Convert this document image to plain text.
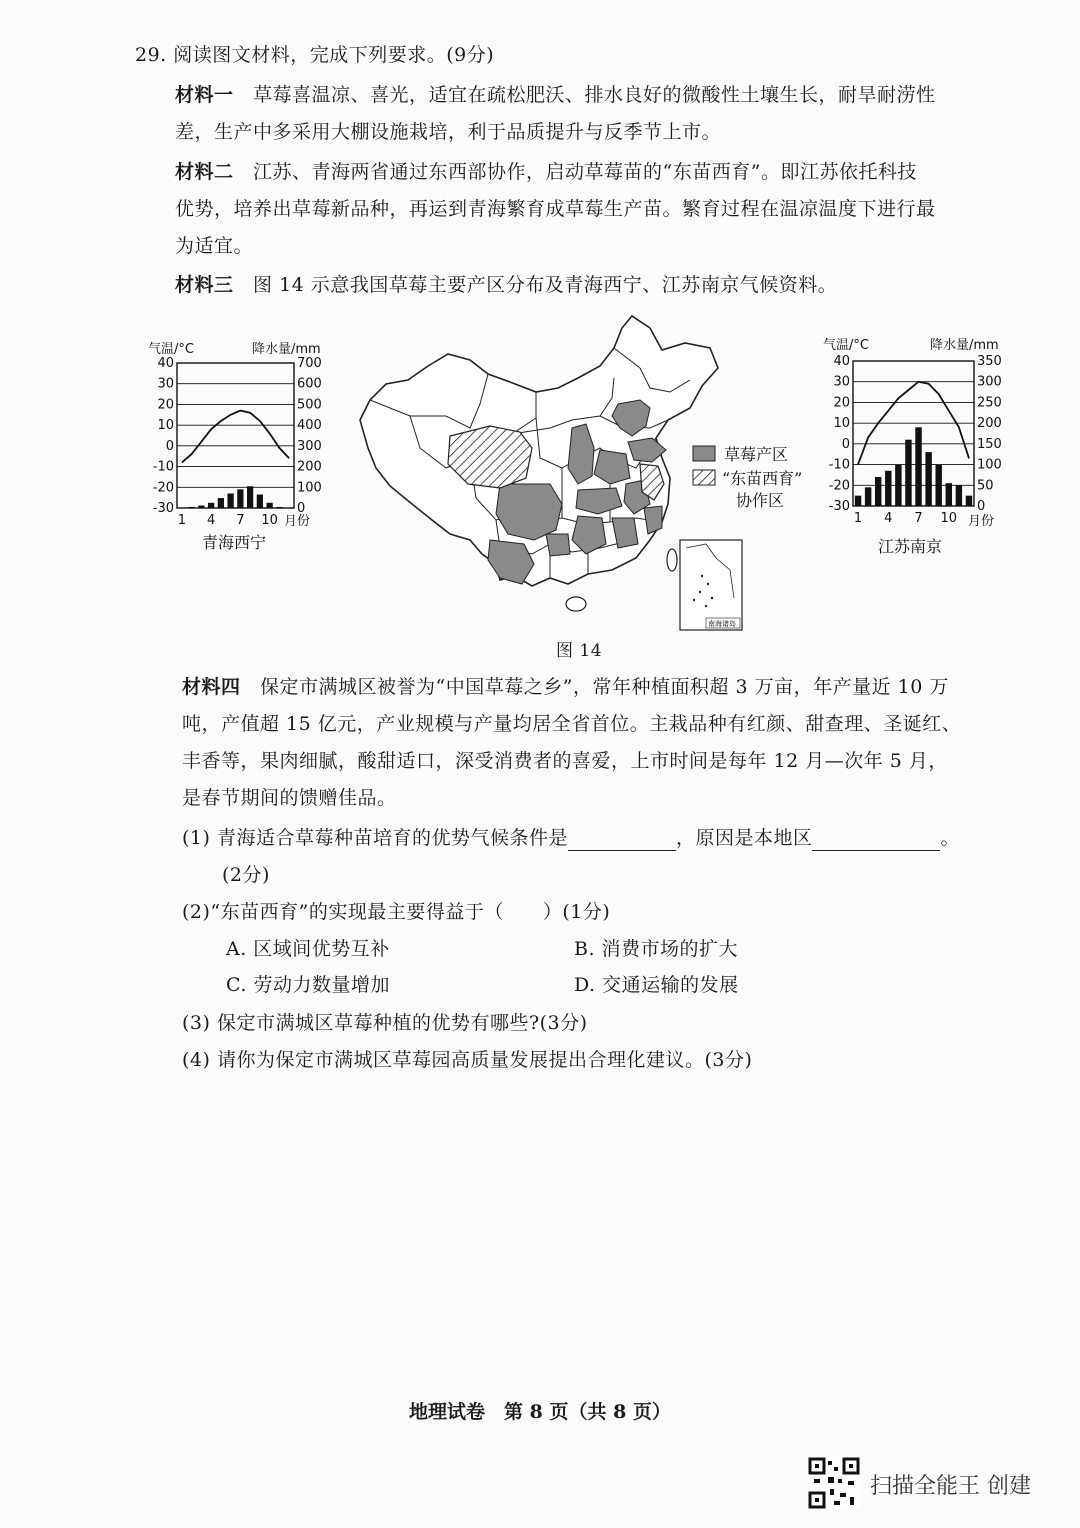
29. 阅读图文材料，完成下列要求。(9分)
材料一　 草莓喜温凉、喜光，适宜在疏松肥沃、排水良好的微酸性土壤生长，耐旱耐涝性
差，生产中多采用大棚设施栽培，利于品质提升与反季节上市。
材料二　 江苏、青海两省通过东西部协作，启动草莓苗的“东苗西育”。即江苏依托科技
优势，培养出草莓新品种，再运到青海繁育成草莓生产苗。繁育过程在温凉温度下进行最
为适宜。
材料三　 图 14 示意我国草莓主要产区分布及青海西宁、江苏南京气候资料。
气温/°C	降水量/mm
40
30
20
10
0
-10
-20
-30
700
600
500
400
300
200
100
0
1 4 7 10 月份
青海西宁
气温/°C	降水量/mm
40
30
20
10
0
-10
-20
-30
350
300
250
200
150
100
50
0
1 4 7 10 月份
江苏南京
草莓产区
“东苗西育”
协作区
南海诸岛
图 14
材料四　 保定市满城区被誉为“中国草莓之乡”，常年种植面积超 3 万亩，年产量近 10 万
吨，产值超 15 亿元，产业规模与产量均居全省首位。主栽品种有红颜、甜查理、圣诞红、
丰香等，果肉细腻，酸甜适口，深受消费者的喜爱，上市时间是每年 12 月—次年 5 月，
是春节期间的馈赠佳品。
(1) 青海适合草莓种苗培育的优势气候条件是	，原因是本地区	。
(2分)
(2)“东苗西育”的实现最主要得益于（　　）(1分)
A. 区域间优势互补	B. 消费市场的扩大
C. 劳动力数量增加	D. 交通运输的发展
(3) 保定市满城区草莓种植的优势有哪些?(3分)
(4) 请你为保定市满城区草莓园高质量发展提出合理化建议。(3分)
地理试卷　第 8 页（共 8 页）
扫描全能王 创建
